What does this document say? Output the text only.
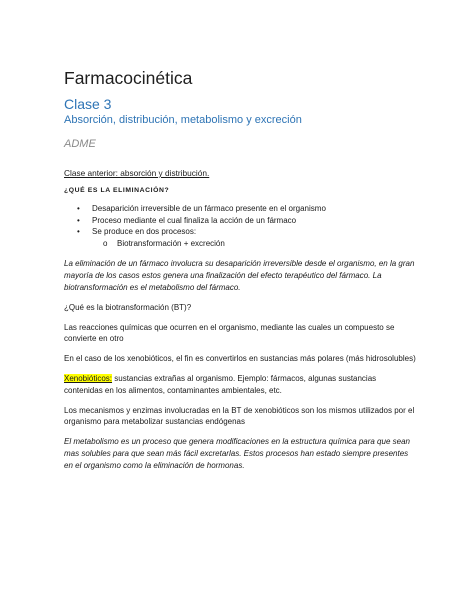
Farmacocinética
Clase 3
Absorción, distribución, metabolismo y excreción
ADME
Clase anterior: absorción y distribución.
¿QUÉ ES LA ELIMINACIÓN?
• Desaparición irreversible de un fármaco presente en el organismo
• Proceso mediante el cual finaliza la acción de un fármaco
• Se produce en dos procesos:
o Biotransformación + excreción

La eliminación de un fármaco involucra su desaparición irreversible desde el organismo, en la gran mayoría de los casos estos genera una finalización del efecto terapéutico del fármaco. La biotransformación es el metabolismo del fármaco.

¿Qué es la biotransformación (BT)?

Las reacciones químicas que ocurren en el organismo, mediante las cuales un compuesto se convierte en otro

En el caso de los xenobióticos, el fin es convertirlos en sustancias más polares (más hidrosolubles)

Xenobióticos: sustancias extrañas al organismo. Ejemplo: fármacos, algunas sustancias contenidas en los alimentos, contaminantes ambientales, etc.

Los mecanismos y enzimas involucradas en la BT de xenobióticos son los mismos utilizados por el organismo para metabolizar sustancias endógenas

El metabolismo es un proceso que genera modificaciones en la estructura química para que sean mas solubles para que sean más fácil excretarlas. Estos procesos han estado siempre presentes en el organismo como la eliminación de hormonas.
